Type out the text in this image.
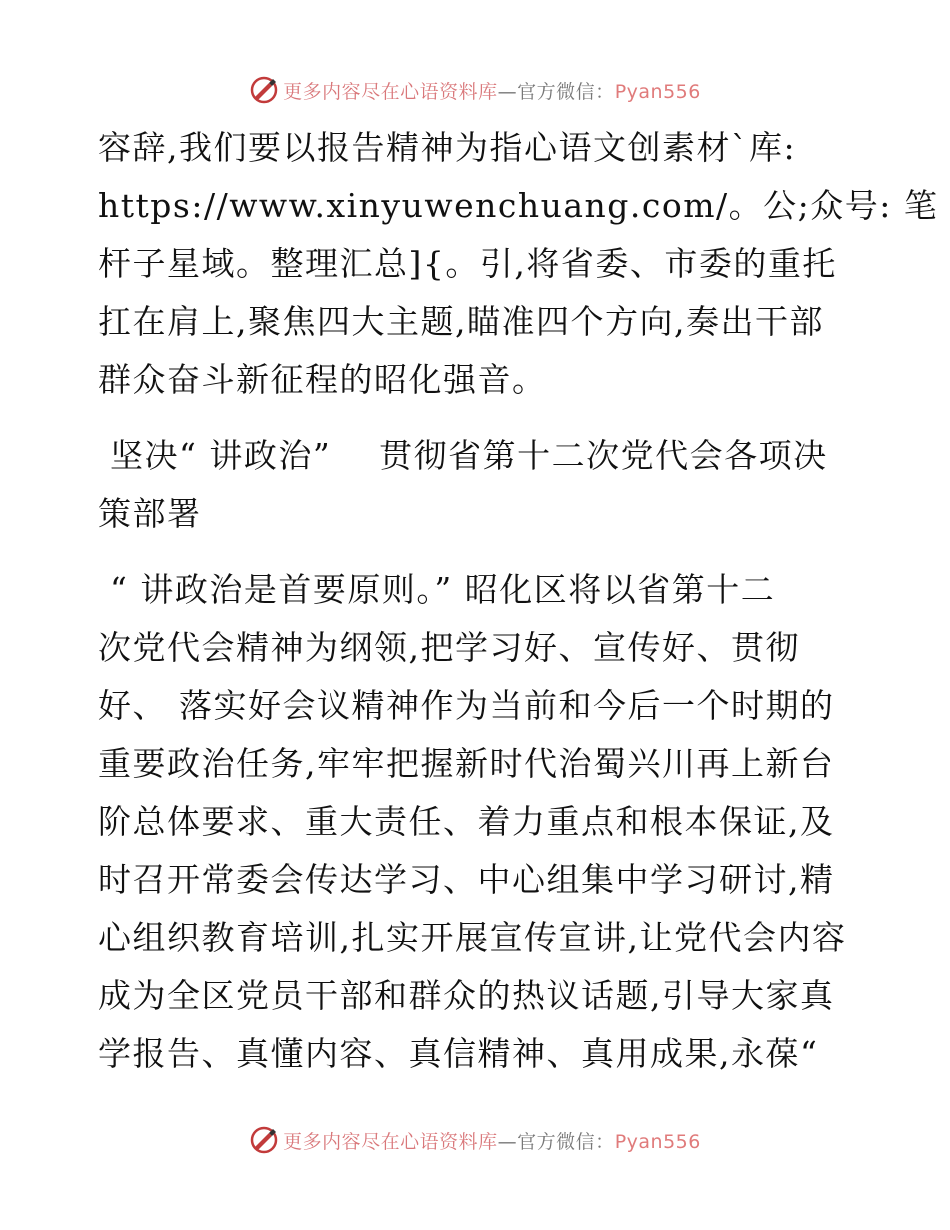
更多内容尽在心语资料库—官方微信：Pyan556
容辞,我们要以报告精神为指心语文创素材`库:
https://www.xinyuwenchuang.com/。公;众号: 笔
杆子星域。整理汇总]{。引,将省委、市委的重托
扛在肩上,聚焦四大主题,瞄准四个方向,奏出干部
群众奋斗新征程的昭化强音。
坚决“ 讲政治”    贯彻省第十二次党代会各项决
策部署
“ 讲政治是首要原则。” 昭化区将以省第十二
次党代会精神为纲领,把学习好、宣传好、贯彻
好、 落实好会议精神作为当前和今后一个时期的
重要政治任务,牢牢把握新时代治蜀兴川再上新台
阶总体要求、重大责任、着力重点和根本保证,及
时召开常委会传达学习、中心组集中学习研讨,精
心组织教育培训,扎实开展宣传宣讲,让党代会内容
成为全区党员干部和群众的热议话题,引导大家真
学报告、真懂内容、真信精神、真用成果,永葆“
更多内容尽在心语资料库—官方微信：Pyan556
